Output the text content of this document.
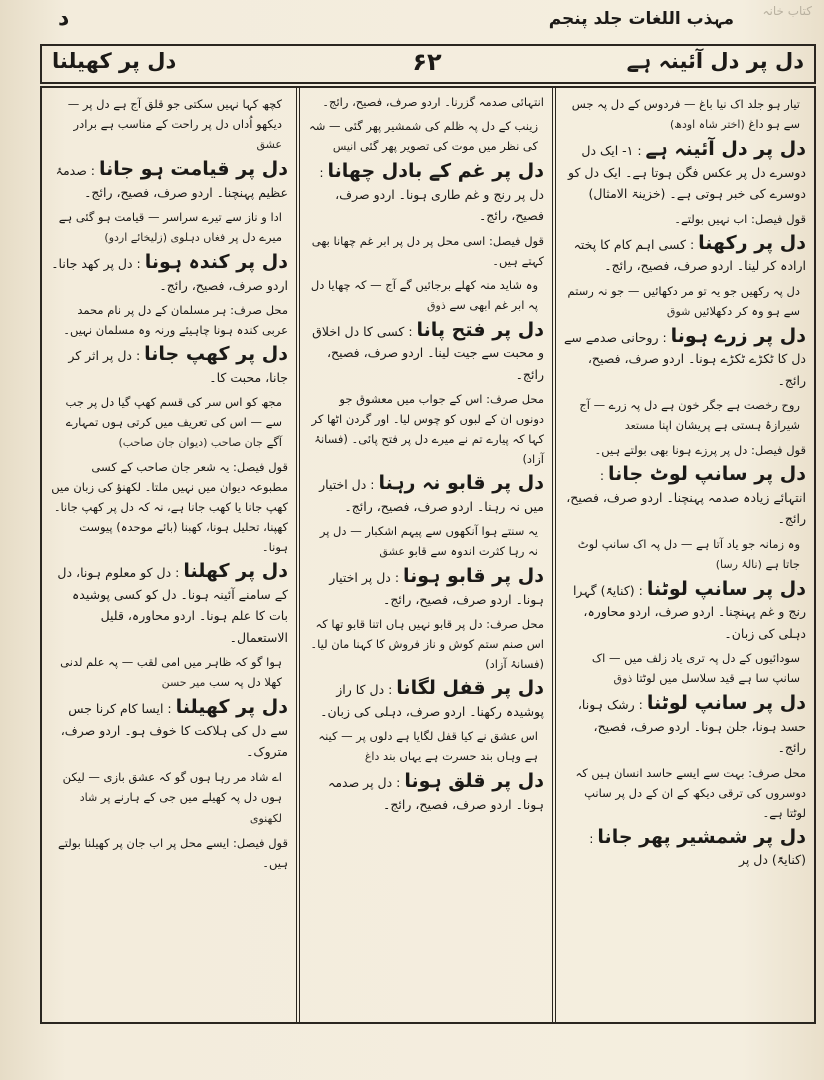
د	مہذب اللغات جلد پنجم کتاب خانہ
دل پر دل آئینہ ہے
۶۲
دل پر کھیلنا
تیار ہو جلد اک نیا باغ — فردوس کے دل پہ جس سے ہو داغ (اختر شاہ اودھ)

دل پر دل آئینہ ہے : ۱- ایک دل دوسرے دل پر عکس فگن ہوتا ہے۔ ایک دل کو دوسرے کی خبر ہوتی ہے۔ (خزینۃ الامثال)

قول فیصل: اب نہیں بولتے۔

دل پر رکھنا : کسی اہم کام کا پختہ ارادہ کر لینا۔ اردو صرف، فصیح، رائج۔

دل پہ رکھیں جو یہ تو مر دکھائیں — جو نہ رستم سے ہو وہ کر دکھلائیں شوق

دل پر زرے ہونا : روحانی صدمے سے دل کا ٹکڑے ٹکڑے ہونا۔ اردو صرف، فصیح، رائج۔

روح رخصت ہے جگر خون ہے دل پہ زرے — آج شیرازۂ ہستی ہے پریشان اپنا مستعد

قول فیصل: دل پر پرزے ہونا بھی بولتے ہیں۔

دل پر سانپ لوٹ جانا : انتہائے زیادہ صدمہ پہنچنا۔ اردو صرف، فصیح، رائج۔

وہ زمانہ جو یاد آتا ہے — دل پہ اک سانپ لوٹ جاتا ہے (نالۂ رسا)

دل پر سانپ لوٹنا : (کنایۃً) گہرا رنج و غم پہنچنا۔ اردو صرف، اردو محاورہ، دہلی کی زبان۔

سودائیوں کے دل پہ تری یاد زلف میں — اک سانپ سا ہے قید سلاسل میں لوٹتا ذوق

دل پر سانپ لوٹنا : رشک ہونا، حسد ہونا، جلن ہونا۔ اردو صرف، فصیح، رائج۔

محل صرف: بہت سے ایسے حاسد انسان ہیں کہ دوسروں کی ترقی دیکھ کے ان کے دل پر سانپ لوٹتا ہے۔

دل پر شمشیر پھر جانا : (کنایۃً) دل پر

انتہائی صدمہ گزرنا۔ اردو صرف، فصیح، رائج۔

زینب کے دل پہ ظلم کی شمشیر پھر گئی — شہ کی نظر میں موت کی تصویر پھر گئی انیس

دل پر غم کے بادل چھانا : دل پر رنج و غم طاری ہونا۔ اردو صرف، فصیح، رائج۔

قول فیصل: اسی محل پر دل پر ابر غم چھانا بھی کہتے ہیں۔

وہ شاید منہ کھلے برجائیں گے آج — کہ چھایا دل پہ ابر غم ابھی سے ذوق

دل پر فتح پانا : کسی کا دل اخلاق و محبت سے جیت لینا۔ اردو صرف، فصیح، رائج۔

محل صرف: اس کے جواب میں معشوق جو دونوں ان کے لبوں کو چوس لیا۔ اور گردن اٹھا کر کہا کہ پیارے تم نے میرے دل پر فتح پائی۔ (فسانۂ آزاد)

دل پر قابو نہ رہنا : دل اختیار میں نہ رہنا۔ اردو صرف، فصیح، رائج۔

یہ سنتے ہوا آنکھوں سے پیہم اشکبار — دل پر نہ رہا کثرت اندوہ سے قابو عشق

دل پر قابو ہونا : دل پر اختیار ہونا۔ اردو صرف، فصیح، رائج۔

محل صرف: دل پر قابو نہیں ہاں اتنا قابو تھا کہ اس صنم ستم کوش و ناز فروش کا کہنا مان لیا۔ (فسانۂ آزاد)

دل پر قفل لگانا : دل کا راز پوشیدہ رکھنا۔ اردو صرف، دہلی کی زبان۔

اس عشق نے کیا قفل لگایا ہے دلوں پر — کینہ ہے وہاں بند حسرت ہے یہاں بند داغ

دل پر قلق ہونا : دل پر صدمہ ہونا۔ اردو صرف، فصیح، رائج۔

کچھ کہا نہیں سکتی جو قلق آج ہے دل پر — دیکھو اُداں دل پر راحت کے مناسب ہے برادر عشق

دل پر قیامت ہو جانا : صدمۂ عظیم پہنچنا۔ اردو صرف، فصیح، رائج۔

ادا و ناز سے تیرے سراسر — قیامت ہو گئی ہے میرے دل پر فغاں دہلوی (زلیخائے اردو)

دل پر کندہ ہونا : دل پر کھد جانا۔ اردو صرف، فصیح، رائج۔

محل صرف: ہر مسلمان کے دل پر نام محمد عربی کندہ ہونا چاہیئے ورنہ وہ مسلمان نہیں۔

دل پر کھپ جانا : دل پر اثر کر جانا، محبت کا۔

مجھ کو اس سر کی قسم کھپ گیا دل پر جب سے — اس کی تعریف میں کرتی ہوں تمہارے آگے جان صاحب (دیوان جان صاحب)

قول فیصل: یہ شعر جان صاحب کے کسی مطبوعہ دیوان میں نہیں ملتا۔ لکھنؤ کی زبان میں کھپ جانا یا کھب جانا ہے، نہ کہ دل پر کھپ جانا۔ کھپنا، تحلیل ہونا، کھبنا (بائے موحدہ) پیوست ہونا۔

دل پر کھلنا : دل کو معلوم ہونا، دل کے سامنے آئینہ ہونا۔ دل کو کسی پوشیدہ بات کا علم ہونا۔ اردو محاورہ، قلیل الاستعمال۔

ہوا گو کہ ظاہر میں امی لقب — پہ علم لدنی کھلا دل پہ سب میر حسن

دل پر کھیلنا : ایسا کام کرنا جس سے دل کی ہلاکت کا خوف ہو۔ اردو صرف، متروک۔

اے شاد مر رہا ہوں گو کہ عشق بازی — لیکن ہوں دل پہ کھیلے میں جی کے ہارنے پر شاد لکھنوی

قول فیصل: ایسے محل پر اب جان پر کھیلنا بولتے ہیں۔
